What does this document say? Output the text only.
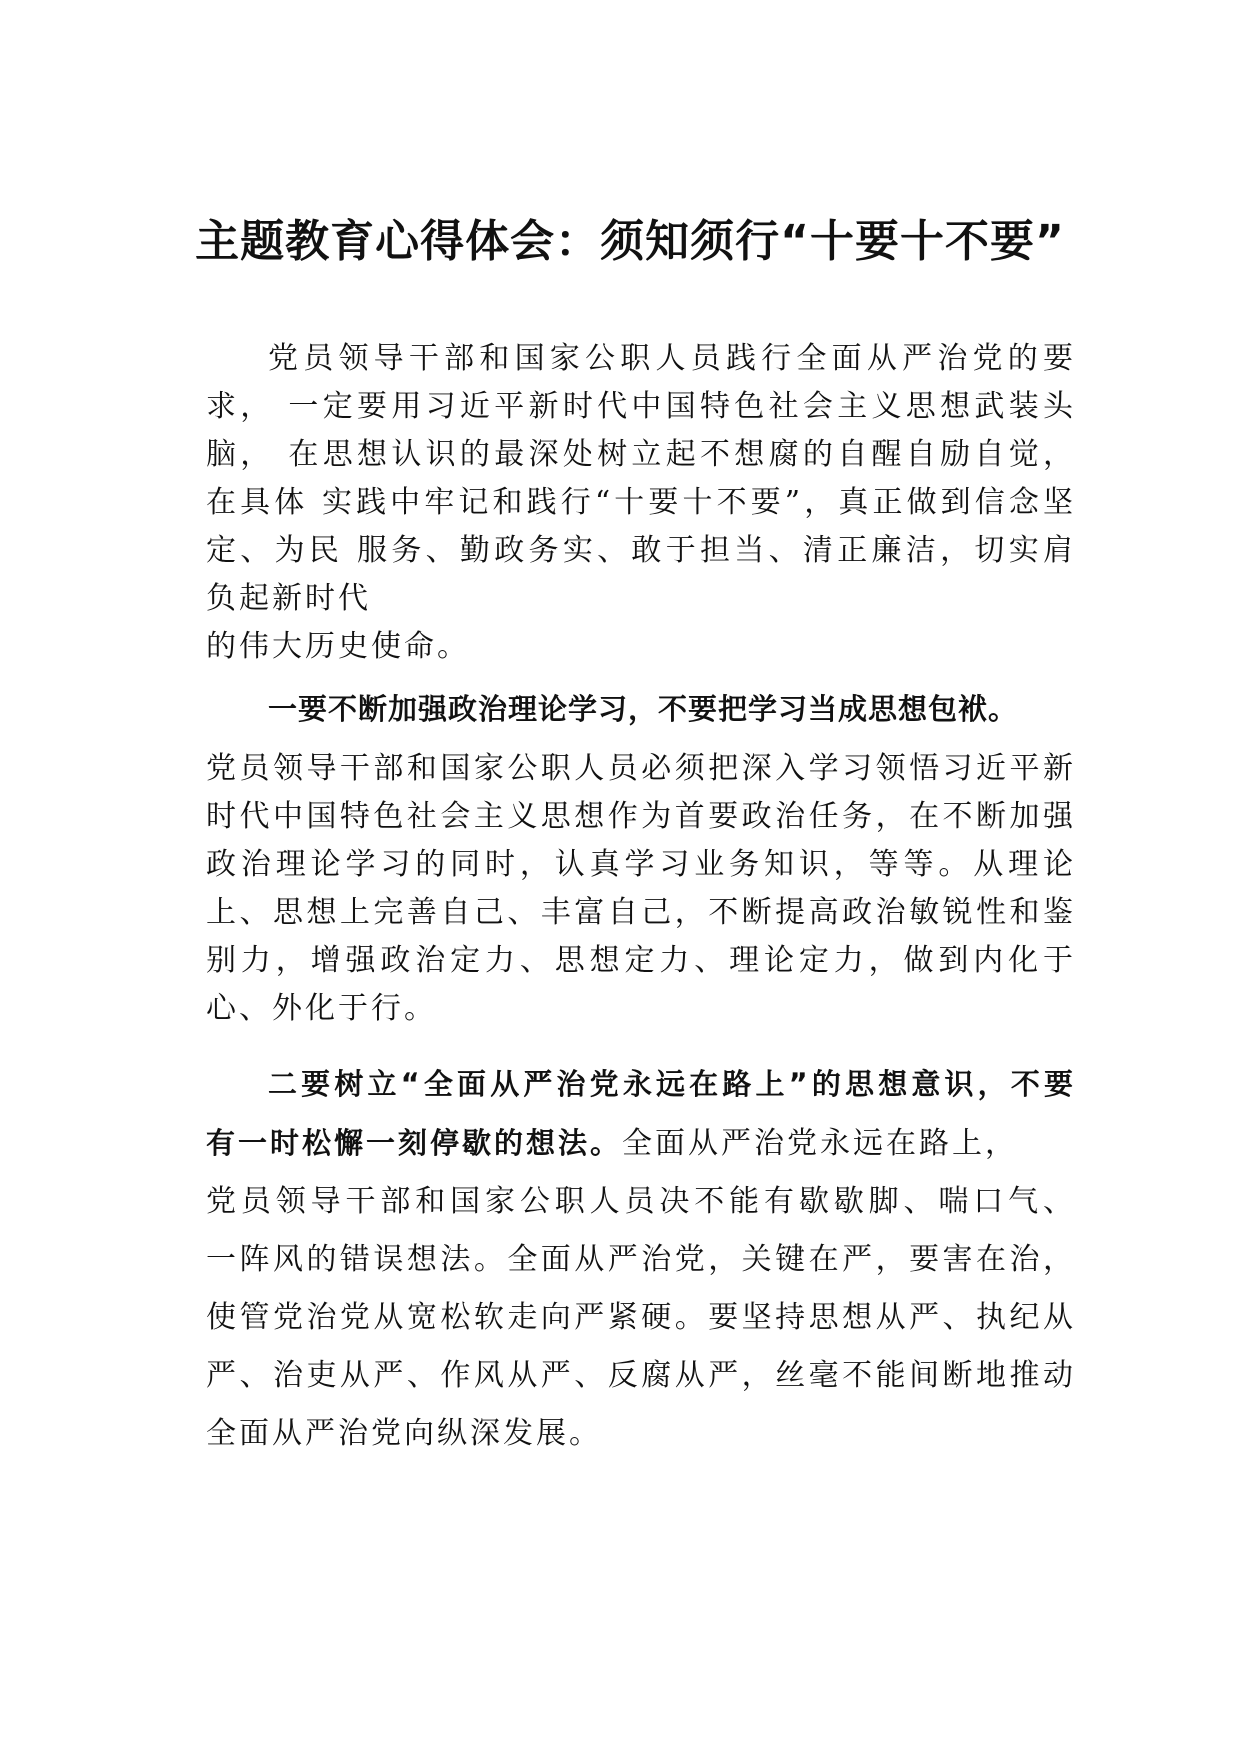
主题教育心得体会：须知须行“十要十不要”

党员领导干部和国家公职人员践行全面从严治党的要求， 一定要用习近平新时代中国特色社会主义思想武装头脑， 在思想认识的最深处树立起不想腐的自醒自励自觉，在具体 实践中牢记和践行“十要十不要”，真正做到信念坚定、为民 服务、勤政务实、敢于担当、清正廉洁，切实肩负起新时代

的伟大历史使命。

一要不断加强政治理论学习，不要把学习当成思想包袱。

党员领导干部和国家公职人员必须把深入学习领悟习近平新时代中国特色社会主义思想作为首要政治任务，在不断加强政治理论学习的同时，认真学习业务知识，等等。从理论上、思想上完善自己、丰富自己，不断提高政治敏锐性和鉴别力，增强政治定力、思想定力、理论定力，做到内化于心、外化于行。

二要树立“全面从严治党永远在路上”的思想意识，不要有一时松懈一刻停歇的想法。全面从严治党永远在路上，

党员领导干部和国家公职人员决不能有歇歇脚、喘口气、 一阵风的错误想法。全面从严治党，关键在严，要害在治，使管党治党从宽松软走向严紧硬。要坚持思想从严、执纪从严、治吏从严、作风从严、反腐从严，丝毫不能间断地推动全面从严治党向纵深发展。
